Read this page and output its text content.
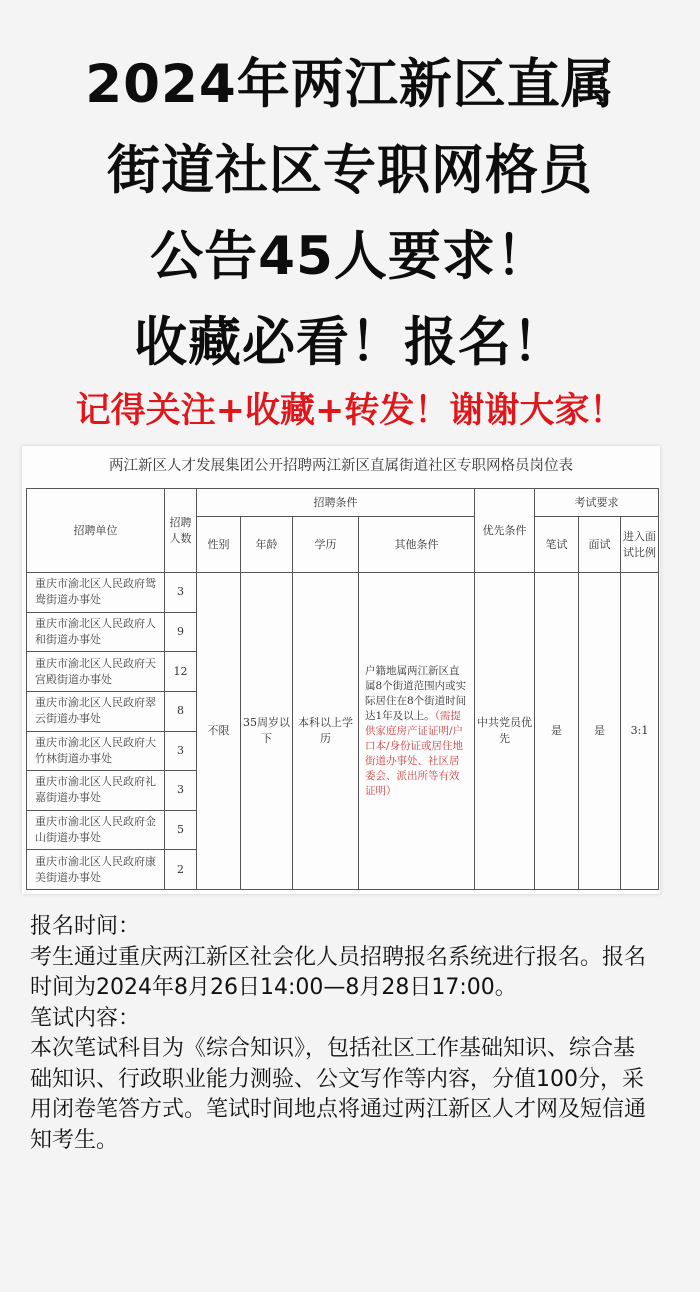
2024年两江新区直属
街道社区专职网格员
公告45人要求！
收藏必看！报名！
记得关注+收藏+转发！谢谢大家！
两江新区人才发展集团公开招聘两江新区直属街道社区专职网格员岗位表
招聘单位	招聘人数	招聘条件				优先条件	考试要求		
		性别	年龄	学历	其他条件		笔试	面试	进入面试比例
重庆市渝北区人民政府鸳鸯街道办事处	3	不限	35周岁以下	本科以上学历	户籍地属两江新区直属8个街道范围内或实际居住在8个街道时间达1年及以上。（需提供家庭房产证证明/户口本/身份证或居住地街道办事处、社区居委会、派出所等有效证明）	中共党员优先	是	是	3:1
重庆市渝北区人民政府人和街道办事处	9								
重庆市渝北区人民政府天宫殿街道办事处	12								
重庆市渝北区人民政府翠云街道办事处	8								
重庆市渝北区人民政府大竹林街道办事处	3								
重庆市渝北区人民政府礼嘉街道办事处	3								
重庆市渝北区人民政府金山街道办事处	5								
重庆市渝北区人民政府康美街道办事处	2								

报名时间：

考生通过重庆两江新区社会化人员招聘报名系统进行报名。报名时间为2024年8月26日14:00—8月28日17:00。

笔试内容：

本次笔试科目为《综合知识》，包括社区工作基础知识、综合基础知识、行政职业能力测验、公文写作等内容，分值100分，采用闭卷笔答方式。笔试时间地点将通过两江新区人才网及短信通知考生。
